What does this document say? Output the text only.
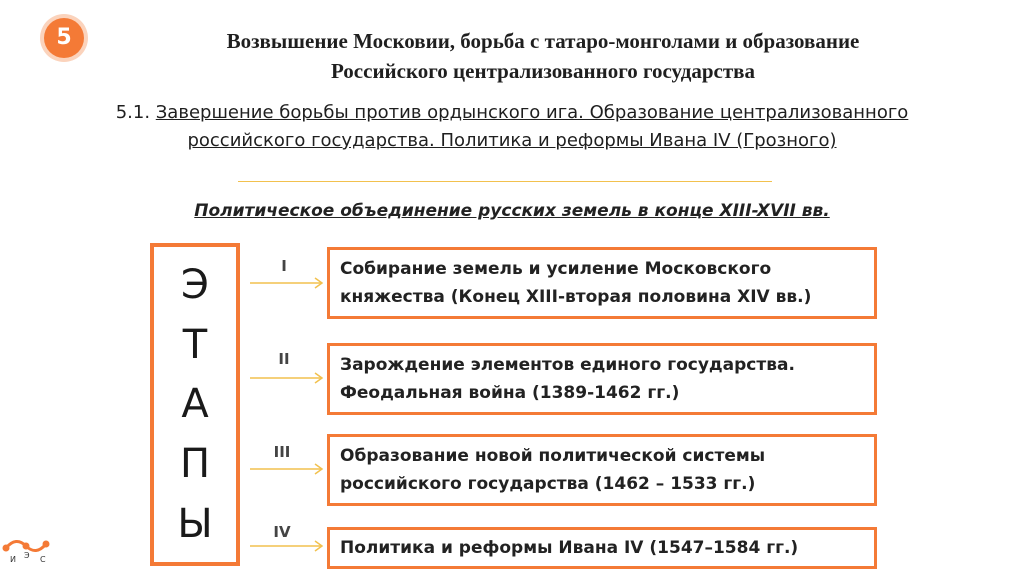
5	Возвышение Московии, борьба с татаро-монголами и образование
Российского централизованного государства
5.1. Завершение борьбы против ордынского ига. Образование централизованного
российского государства. Политика и реформы Ивана IV (Грозного)
Политическое объединение русских земель в конце XIII-XVII вв.
Э
Т
А
П
Ы
I
II
III
IV
Собирание земель и усиление Московского
княжества (Конец XIII-вторая половина XIV вв.)
Зарождение элементов единого государства.
Феодальная война (1389-1462 гг.)
Образование новой политической системы
российского государства (1462 – 1533 гг.)
Политика и реформы Ивана IV (1547–1584 гг.)
И Э С
